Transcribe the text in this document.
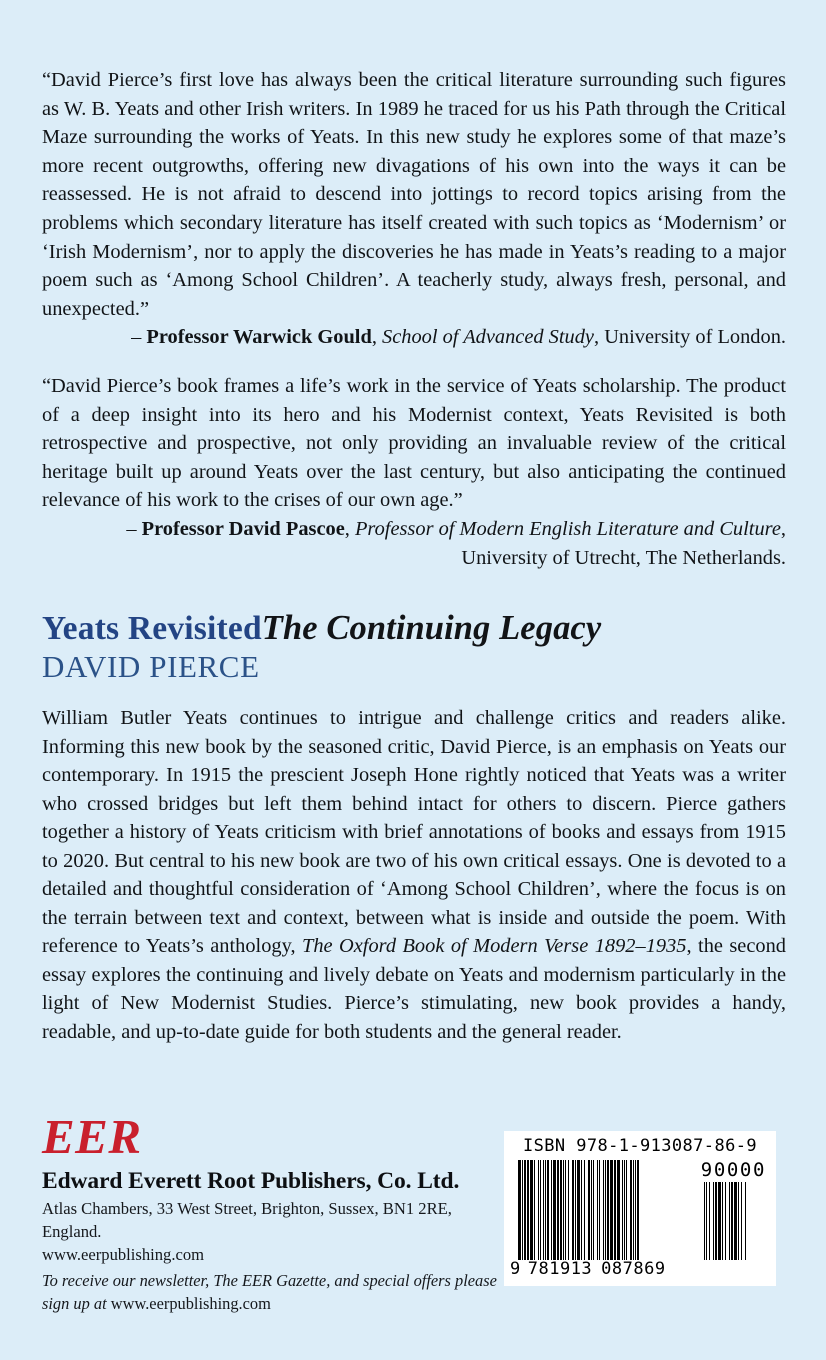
“David Pierce’s first love has always been the critical literature surrounding such figures as W. B. Yeats and other Irish writers. In 1989 he traced for us his Path through the Critical Maze surrounding the works of Yeats. In this new study he explores some of that maze’s more recent outgrowths, offering new divagations of his own into the ways it can be reassessed. He is not afraid to descend into jottings to record topics arising from the problems which secondary literature has itself created with such topics as ‘Modernism’ or ‘Irish Modernism’, nor to apply the discoveries he has made in Yeats’s reading to a major poem such as ‘Among School Children’. A teacherly study, always fresh, personal, and unexpected.”

– Professor Warwick Gould, School of Advanced Study, University of London.

“David Pierce’s book frames a life’s work in the service of Yeats scholarship. The product of a deep insight into its hero and his Modernist context, Yeats Revisited is both retrospective and prospective, not only providing an invaluable review of the critical heritage built up around Yeats over the last century, but also anticipating the continued relevance of his work to the crises of our own age.”

– Professor David Pascoe, Professor of Modern English Literature and Culture, University of Utrecht, The Netherlands.

Yeats RevisitedThe Continuing Legacy

DAVID PIERCE

William Butler Yeats continues to intrigue and challenge critics and readers alike. Informing this new book by the seasoned critic, David Pierce, is an emphasis on Yeats our contemporary. In 1915 the prescient Joseph Hone rightly noticed that Yeats was a writer who crossed bridges but left them behind intact for others to discern. Pierce gathers together a history of Yeats criticism with brief annotations of books and essays from 1915 to 2020. But central to his new book are two of his own critical essays. One is devoted to a detailed and thoughtful consideration of ‘Among School Children’, where the focus is on the terrain between text and context, between what is inside and outside the poem. With reference to Yeats’s anthology, The Oxford Book of Modern Verse 1892–1935, the second essay explores the continuing and lively debate on Yeats and modernism particularly in the light of New Modernist Studies. Pierce’s stimulating, new book provides a handy, readable, and up-to-date guide for both students and the general reader.

EER

Edward Everett Root Publishers, Co. Ltd.

Atlas Chambers, 33 West Street, Brighton, Sussex, BN1 2RE, England.

www.eerpublishing.com

To receive our newsletter, The EER Gazette, and special offers please sign up at www.eerpublishing.com

ISBN 978-1-913087-86-9
90000
9 781913 087869
